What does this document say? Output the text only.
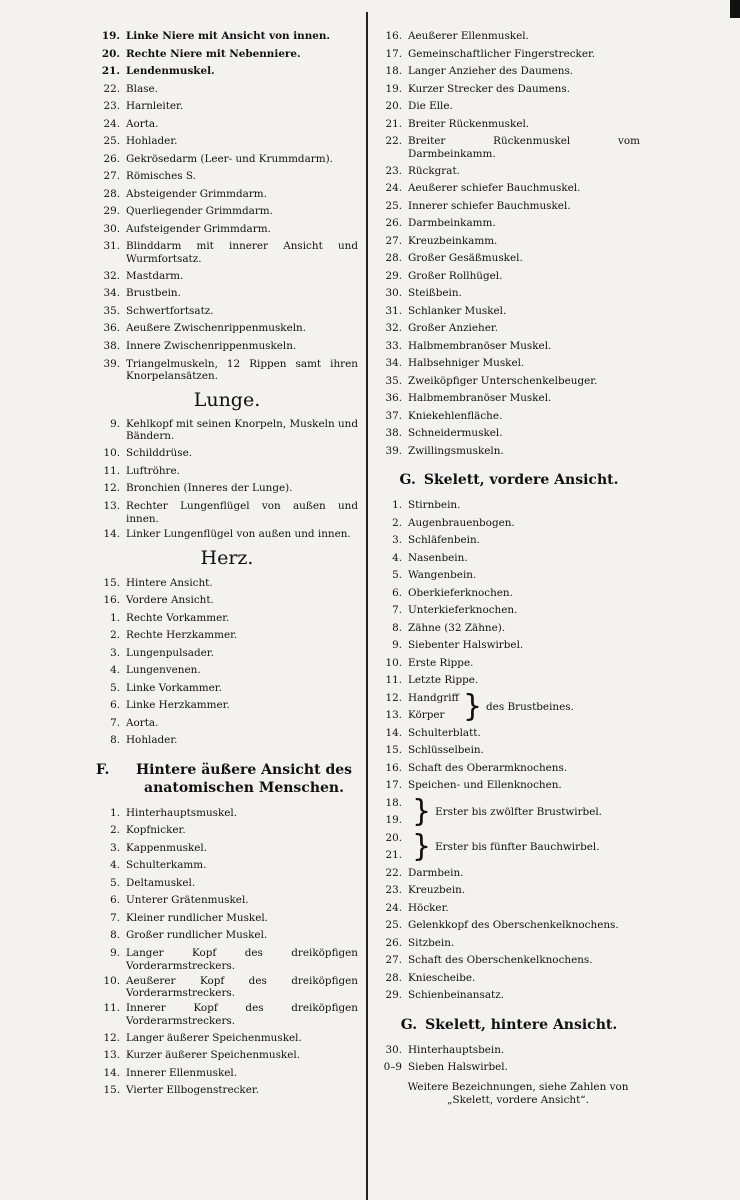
19. Linke Niere mit Ansicht von innen.
20. Rechte Niere mit Nebenniere.
21. Lendenmuskel.
22. Blase.
23. Harnleiter.
24. Aorta.
25. Hohlader.
26. Gekrösedarm (Leer- und Krummdarm).
27. Römisches S.
28. Absteigender Grimmdarm.
29. Querliegender Grimmdarm.
30. Aufsteigender Grimmdarm.
31. Blinddarm mit innerer Ansicht und Wurmfortsatz.
32. Mastdarm.
34. Brustbein.
35. Schwertfortsatz.
36. Aeußere Zwischenrippenmuskeln.
38. Innere Zwischenrippenmuskeln.
39. Triangelmuskeln, 12 Rippen samt ihren Knorpelansätzen.
Lunge.
9. Kehlkopf mit seinen Knorpeln, Muskeln und Bändern.
10. Schilddrüse.
11. Luftröhre.
12. Bronchien (Inneres der Lunge).
13. Rechter Lungenflügel von außen und innen.
14. Linker Lungenflügel von außen und innen.
Herz.
15. Hintere Ansicht.
16. Vordere Ansicht.
1. Rechte Vorkammer.
2. Rechte Herzkammer.
3. Lungenpulsader.
4. Lungenvenen.
5. Linke Vorkammer.
6. Linke Herzkammer.
7. Aorta.
8. Hohlader.
F.	Hintere äußere Ansicht des anatomischen Menschen.
1. Hinterhauptsmuskel.
2. Kopfnicker.
3. Kappenmuskel.
4. Schulterkamm.
5. Deltamuskel.
6. Unterer Grätenmuskel.
7. Kleiner rundlicher Muskel.
8. Großer rundlicher Muskel.
9. Langer Kopf des dreiköpfigen Vorderarmstreckers.
10. Aeußerer Kopf des dreiköpfigen Vorderarmstreckers.
11. Innerer Kopf des dreiköpfigen Vorderarmstreckers.
12. Langer äußerer Speichenmuskel.
13. Kurzer äußerer Speichenmuskel.
14. Innerer Ellenmuskel.
15. Vierter Ellbogenstrecker.
16. Aeußerer Ellenmuskel.
17. Gemeinschaftlicher Fingerstrecker.
18. Langer Anzieher des Daumens.
19. Kurzer Strecker des Daumens.
20. Die Elle.
21. Breiter Rückenmuskel.
22. Breiter Rückenmuskel vom Darmbeinkamm.
23. Rückgrat.
24. Aeußerer schiefer Bauchmuskel.
25. Innerer schiefer Bauchmuskel.
26. Darmbeinkamm.
27. Kreuzbeinkamm.
28. Großer Gesäßmuskel.
29. Großer Rollhügel.
30. Steißbein.
31. Schlanker Muskel.
32. Großer Anzieher.
33. Halbmembranöser Muskel.
34. Halbsehniger Muskel.
35. Zweiköpfiger Unterschenkelbeuger.
36. Halbmembranöser Muskel.
37. Kniekehlenfläche.
38. Schneidermuskel.
39. Zwillingsmuskeln.
G. Skelett, vordere Ansicht.
1. Stirnbein.
2. Augenbrauenbogen.
3. Schläfenbein.
4. Nasenbein.
5. Wangenbein.
6. Oberkieferknochen.
7. Unterkieferknochen.
8. Zähne (32 Zähne).
9. Siebenter Halswirbel.
10. Erste Rippe.
11. Letzte Rippe.
12. Handgriff
13. Körper } des Brustbeines.
14. Schulterblatt.
15. Schlüsselbein.
16. Schaft des Oberarmknochens.
17. Speichen- und Ellenknochen.
18.
19. } Erster bis zwölfter Brustwirbel.
20.
21. } Erster bis fünfter Bauchwirbel.
22. Darmbein.
23. Kreuzbein.
24. Höcker.
25. Gelenkkopf des Oberschenkelknochens.
26. Sitzbein.
27. Schaft des Oberschenkelknochens.
28. Kniescheibe.
29. Schienbeinansatz.
G. Skelett, hintere Ansicht.
30. Hinterhauptsbein.
0–9 Sieben Halswirbel.
Weitere Bezeichnungen, siehe Zahlen von „Skelett, vordere Ansicht“.
